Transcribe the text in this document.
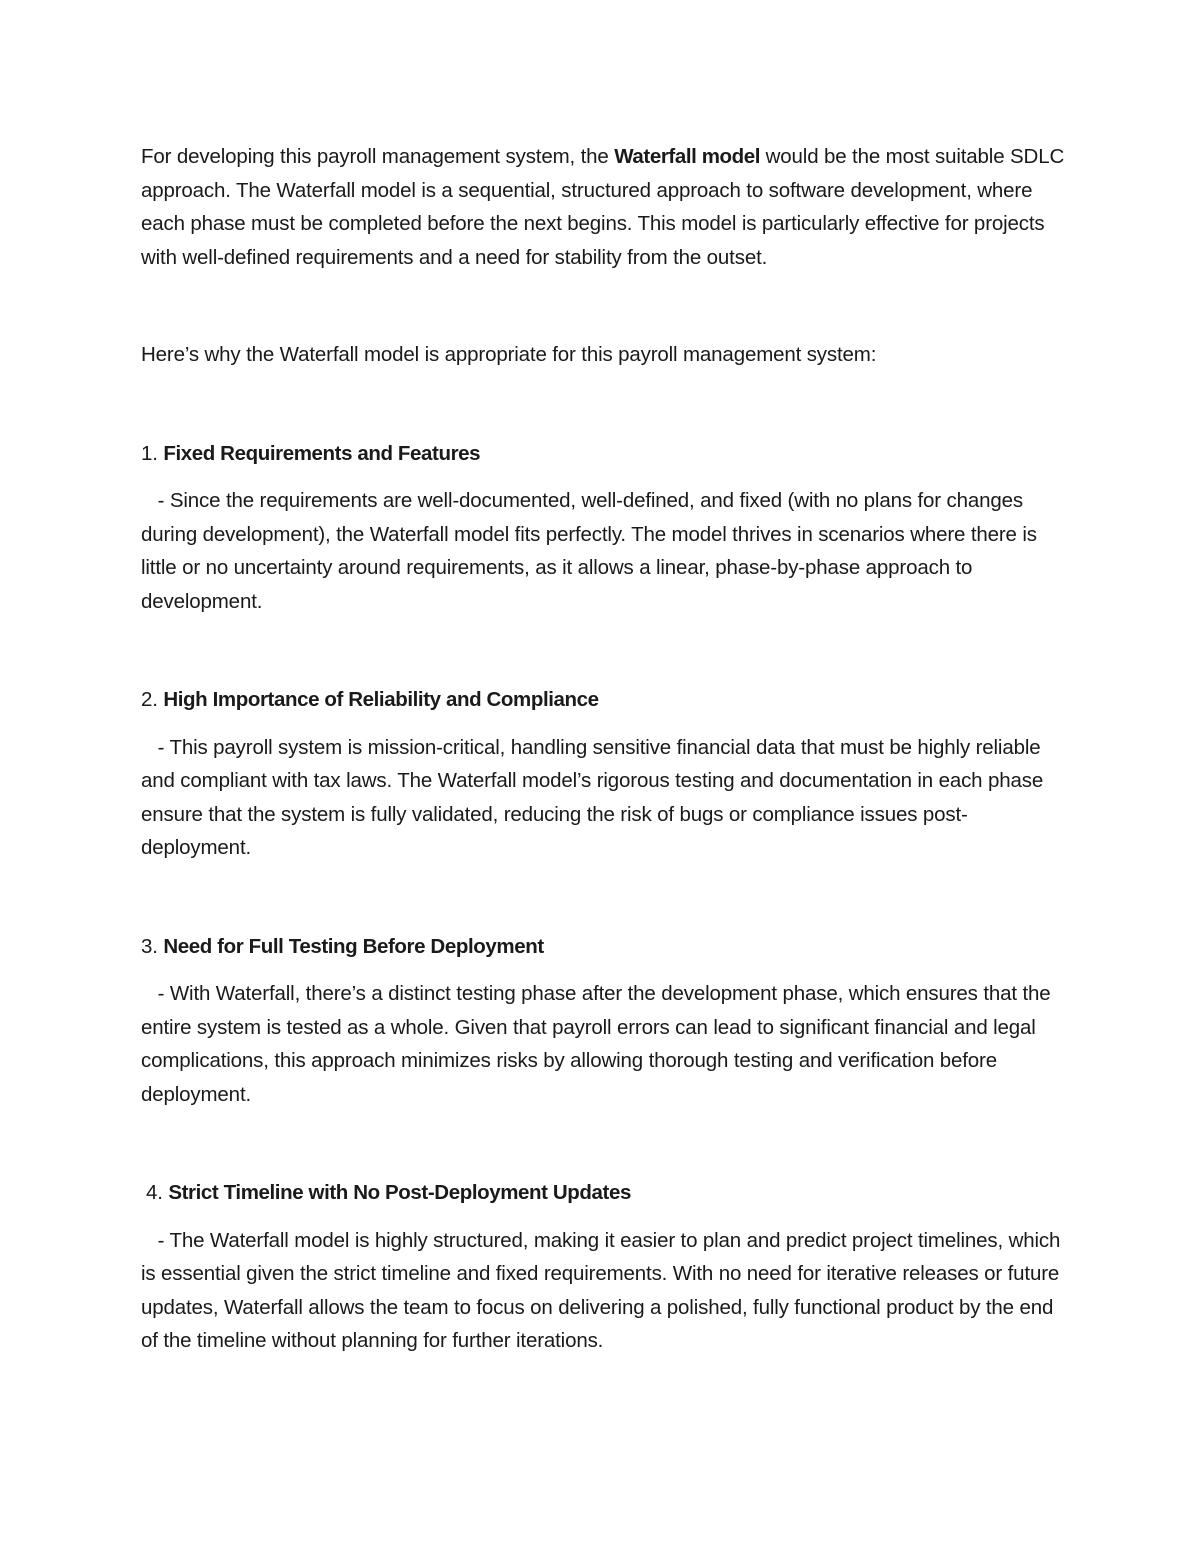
For developing this payroll management system, the Waterfall model would be the most suitable SDLC approach. The Waterfall model is a sequential, structured approach to software development, where each phase must be completed before the next begins. This model is particularly effective for projects with well-defined requirements and a need for stability from the outset.

Here’s why the Waterfall model is appropriate for this payroll management system:

1. Fixed Requirements and Features

- Since the requirements are well-documented, well-defined, and fixed (with no plans for changes during development), the Waterfall model fits perfectly. The model thrives in scenarios where there is little or no uncertainty around requirements, as it allows a linear, phase-by-phase approach to development.

2. High Importance of Reliability and Compliance

- This payroll system is mission-critical, handling sensitive financial data that must be highly reliable and compliant with tax laws. The Waterfall model’s rigorous testing and documentation in each phase ensure that the system is fully validated, reducing the risk of bugs or compliance issues post-deployment.

3. Need for Full Testing Before Deployment

- With Waterfall, there’s a distinct testing phase after the development phase, which ensures that the entire system is tested as a whole. Given that payroll errors can lead to significant financial and legal complications, this approach minimizes risks by allowing thorough testing and verification before deployment.

4. Strict Timeline with No Post-Deployment Updates

- The Waterfall model is highly structured, making it easier to plan and predict project timelines, which is essential given the strict timeline and fixed requirements. With no need for iterative releases or future updates, Waterfall allows the team to focus on delivering a polished, fully functional product by the end of the timeline without planning for further iterations.
